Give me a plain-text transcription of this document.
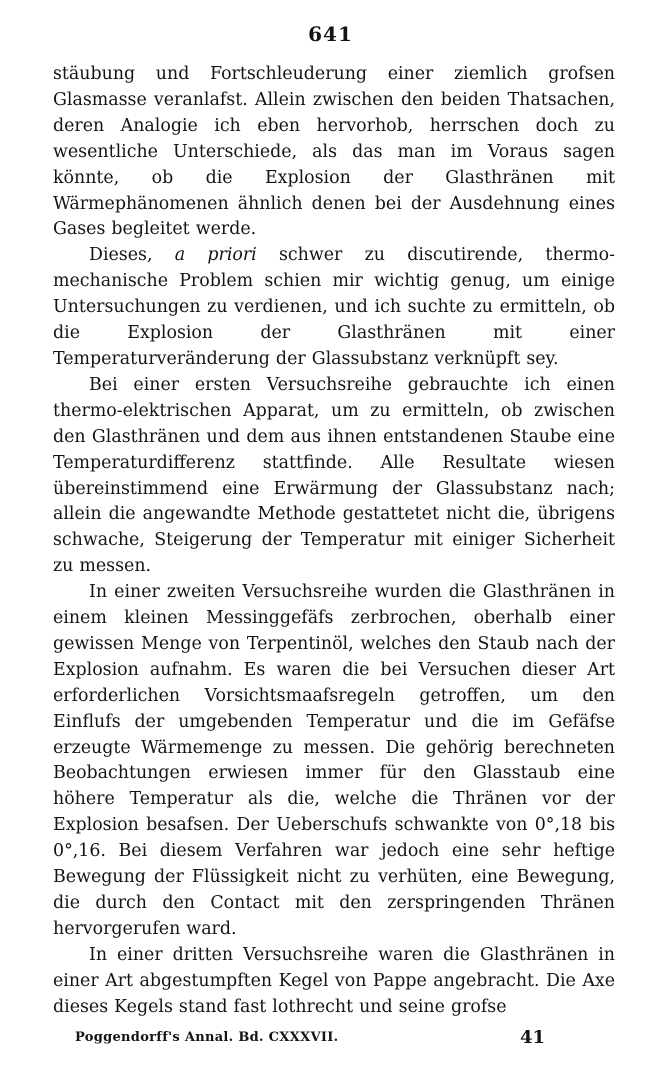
641

stäubung und Fortschleuderung einer ziemlich grofsen Glasmasse veranlafst. Allein zwischen den beiden Thatsachen, deren Analogie ich eben hervorhob, herrschen doch zu wesentliche Unterschiede, als das man im Voraus sagen könnte, ob die Explosion der Glasthränen mit Wärmephänomenen ähnlich denen bei der Ausdehnung eines Gases begleitet werde.

Dieses, a priori schwer zu discutirende, thermo-mechanische Problem schien mir wichtig genug, um einige Untersuchungen zu verdienen, und ich suchte zu ermitteln, ob die Explosion der Glasthränen mit einer Temperaturveränderung der Glassubstanz verknüpft sey.

Bei einer ersten Versuchsreihe gebrauchte ich einen thermo-elektrischen Apparat, um zu ermitteln, ob zwischen den Glasthränen und dem aus ihnen entstandenen Staube eine Temperaturdifferenz stattfinde. Alle Resultate wiesen übereinstimmend eine Erwärmung der Glassubstanz nach; allein die angewandte Methode gestattetet nicht die, übrigens schwache, Steigerung der Temperatur mit einiger Sicherheit zu messen.

In einer zweiten Versuchsreihe wurden die Glasthränen in einem kleinen Messinggefäfs zerbrochen, oberhalb einer gewissen Menge von Terpentinöl, welches den Staub nach der Explosion aufnahm. Es waren die bei Versuchen dieser Art erforderlichen Vorsichtsmaafsregeln getroffen, um den Einflufs der umgebenden Temperatur und die im Gefäfse erzeugte Wärmemenge zu messen. Die gehörig berechneten Beobachtungen erwiesen immer für den Glasstaub eine höhere Temperatur als die, welche die Thränen vor der Explosion besafsen. Der Ueberschufs schwankte von 0°,18 bis 0°,16. Bei diesem Verfahren war jedoch eine sehr heftige Bewegung der Flüssigkeit nicht zu verhüten, eine Bewegung, die durch den Contact mit den zerspringenden Thränen hervorgerufen ward.

In einer dritten Versuchsreihe waren die Glasthränen in einer Art abgestumpften Kegel von Pappe angebracht. Die Axe dieses Kegels stand fast lothrecht und seine grofse

Poggendorff's Annal. Bd. CXXXVII.	41
